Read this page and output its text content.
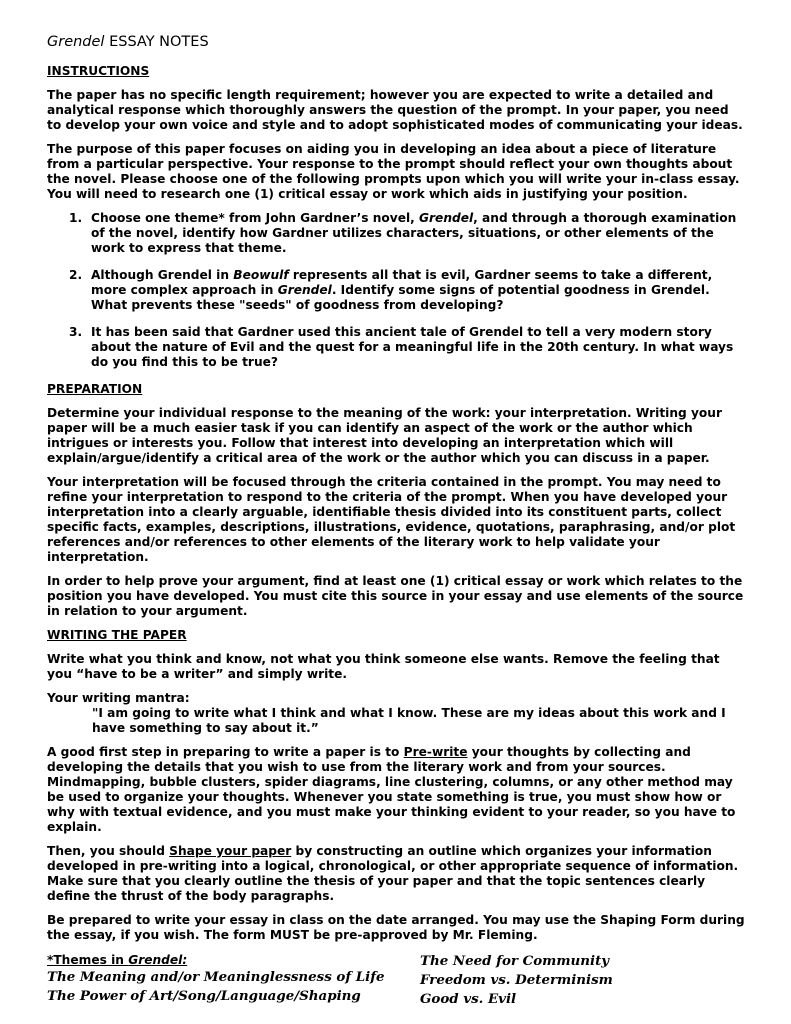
Grendel ESSAY NOTES
INSTRUCTIONS

The paper has no specific length requirement; however you are expected to write a detailed and analytical response which thoroughly answers the question of the prompt. In your paper, you need to develop your own voice and style and to adopt sophisticated modes of communicating your ideas.

The purpose of this paper focuses on aiding you in developing an idea about a piece of literature from a particular perspective. Your response to the prompt should reflect your own thoughts about the novel. Please choose one of the following prompts upon which you will write your in-class essay. You will need to research one (1) critical essay or work which aids in justifying your position.

1. Choose one theme* from John Gardner’s novel, Grendel, and through a thorough examination of the novel, identify how Gardner utilizes characters, situations, or other elements of the work to express that theme.
2. Although Grendel in Beowulf represents all that is evil, Gardner seems to take a different, more complex approach in Grendel. Identify some signs of potential goodness in Grendel. What prevents these "seeds" of goodness from developing?
3. It has been said that Gardner used this ancient tale of Grendel to tell a very modern story about the nature of Evil and the quest for a meaningful life in the 20th century. In what ways do you find this to be true?
PREPARATION

Determine your individual response to the meaning of the work: your interpretation. Writing your paper will be a much easier task if you can identify an aspect of the work or the author which intrigues or interests you. Follow that interest into developing an interpretation which will explain/argue/identify a critical area of the work or the author which you can discuss in a paper.

Your interpretation will be focused through the criteria contained in the prompt. You may need to refine your interpretation to respond to the criteria of the prompt. When you have developed your interpretation into a clearly arguable, identifiable thesis divided into its constituent parts, collect specific facts, examples, descriptions, illustrations, evidence, quotations, paraphrasing, and/or plot references and/or references to other elements of the literary work to help validate your interpretation.

In order to help prove your argument, find at least one (1) critical essay or work which relates to the position you have developed. You must cite this source in your essay and use elements of the source in relation to your argument.

WRITING THE PAPER

Write what you think and know, not what you think someone else wants. Remove the feeling that you “have to be a writer” and simply write.

Your writing mantra:

"I am going to write what I think and what I know. These are my ideas about this work and I have something to say about it.”

A good first step in preparing to write a paper is to Pre-write your thoughts by collecting and developing the details that you wish to use from the literary work and from your sources. Mindmapping, bubble clusters, spider diagrams, line clustering, columns, or any other method may be used to organize your thoughts. Whenever you state something is true, you must show how or why with textual evidence, and you must make your thinking evident to your reader, so you have to explain.

Then, you should Shape your paper by constructing an outline which organizes your information developed in pre-writing into a logical, chronological, or other appropriate sequence of information. Make sure that you clearly outline the thesis of your paper and that the topic sentences clearly define the thrust of the body paragraphs.

Be prepared to write your essay in class on the date arranged. You may use the Shaping Form during the essay, if you wish. The form MUST be pre-approved by Mr. Fleming.

*Themes in Grendel:
The Meaning and/or Meaninglessness of Life
The Power of Art/Song/Language/Shaping
The Need for Community
Freedom vs. Determinism
Good vs. Evil
